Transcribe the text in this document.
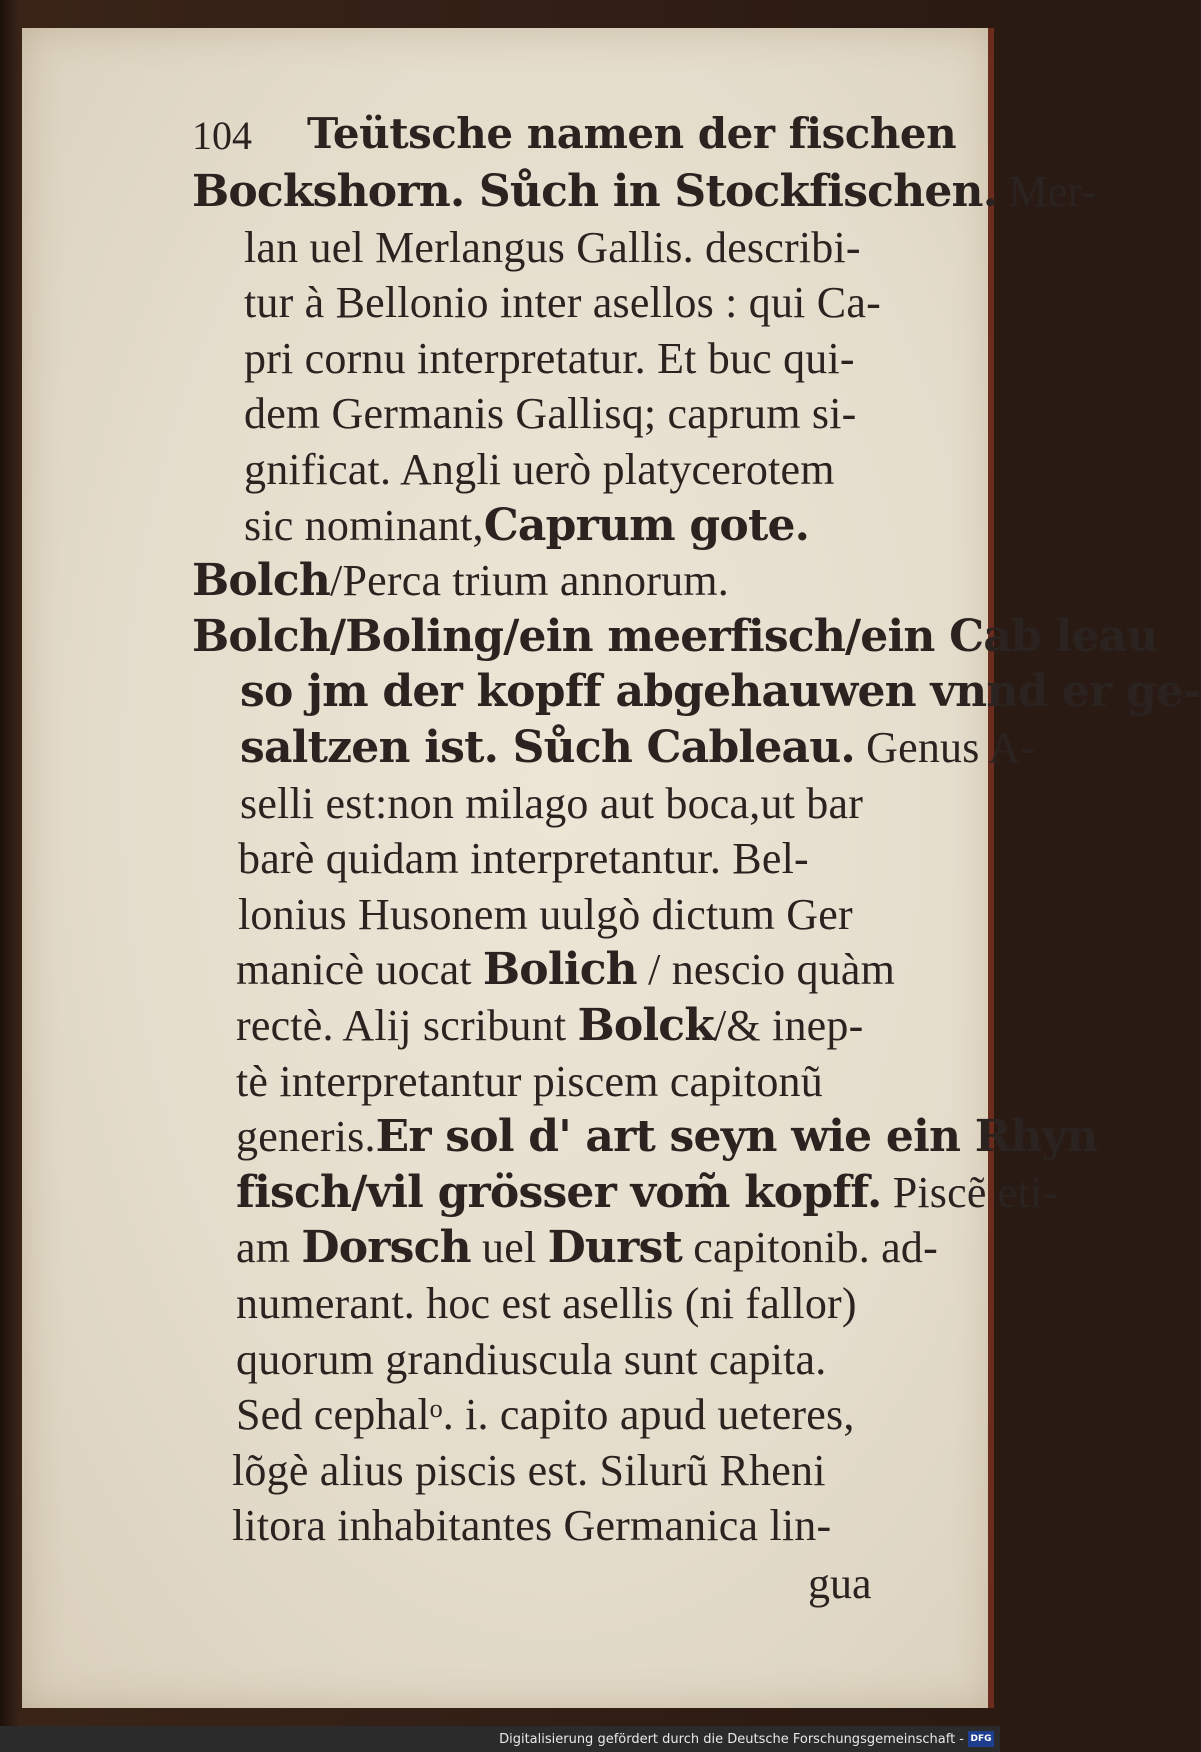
104 Teütsche namen der fischen
Bockshorn. Sůch in Stockfischen. Mer-
lan uel Merlangus Gallis. describi-
tur à Bellonio inter asellos : qui Ca-
pri cornu interpretatur. Et buc qui-
dem Germanis Gallisq; caprum si-
gnificat. Angli uerò platycerotem
sic nominant,Caprum gote.
Bolch/Perca trium annorum.
Bolch/Boling/ein meerfisch/ein Cab leau
so jm der kopff abgehauwen vnnd er ge-
saltzen ist. Sůch Cableau. Genus A-
selli est:non milago aut boca,ut bar
barè quidam interpretantur. Bel-
lonius Husonem uulgò dictum Ger
manicè uocat Bolich / nescio quàm
rectè. Alij scribunt Bolck/& inep-
tè interpretantur piscem capitonũ
generis.Er sol d' art seyn wie ein Rhyn
fisch/vil grösser vom̃ kopff. Piscẽ eti-
am Dorsch uel Durst capitonib. ad-
numerant. hoc est asellis (ni fallor)
quorum grandiuscula sunt capita.
Sed cephalᵒ. i. capito apud ueteres,
lõgè alius piscis est. Silurũ Rheni
litora inhabitantes Germanica lin-
gua
Digitalisierung gefördert durch die Deutsche Forschungsgemeinschaft - DFG
